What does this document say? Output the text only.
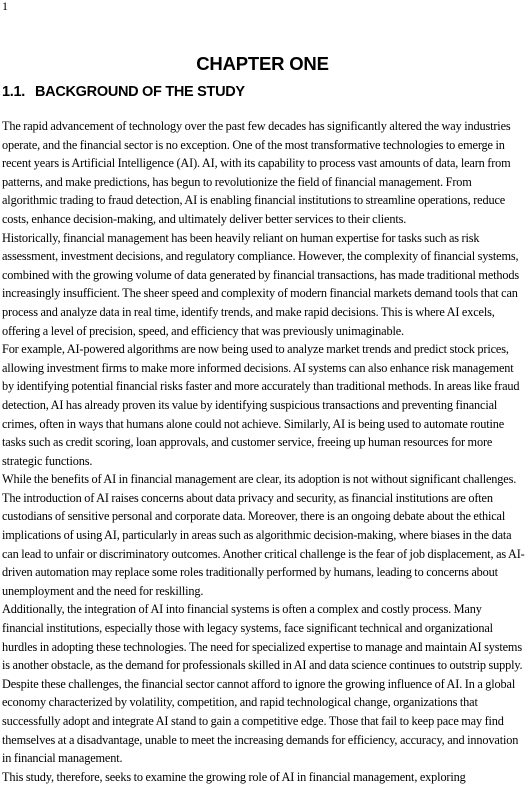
1

CHAPTER ONE
1.1. BACKGROUND OF THE STUDY

The rapid advancement of technology over the past few decades has significantly altered the way industries operate, and the financial sector is no exception. One of the most transformative technologies to emerge in recent years is Artificial Intelligence (AI). AI, with its capability to process vast amounts of data, learn from patterns, and make predictions, has begun to revolutionize the field of financial management. From algorithmic trading to fraud detection, AI is enabling financial institutions to streamline operations, reduce costs, enhance decision-making, and ultimately deliver better services to their clients.

Historically, financial management has been heavily reliant on human expertise for tasks such as risk assessment, investment decisions, and regulatory compliance. However, the complexity of financial systems, combined with the growing volume of data generated by financial transactions, has made traditional methods increasingly insufficient. The sheer speed and complexity of modern financial markets demand tools that can process and analyze data in real time, identify trends, and make rapid decisions. This is where AI excels, offering a level of precision, speed, and efficiency that was previously unimaginable.

For example, AI-powered algorithms are now being used to analyze market trends and predict stock prices, allowing investment firms to make more informed decisions. AI systems can also enhance risk management by identifying potential financial risks faster and more accurately than traditional methods. In areas like fraud detection, AI has already proven its value by identifying suspicious transactions and preventing financial crimes, often in ways that humans alone could not achieve. Similarly, AI is being used to automate routine tasks such as credit scoring, loan approvals, and customer service, freeing up human resources for more strategic functions.

While the benefits of AI in financial management are clear, its adoption is not without significant challenges. The introduction of AI raises concerns about data privacy and security, as financial institutions are often custodians of sensitive personal and corporate data. Moreover, there is an ongoing debate about the ethical implications of using AI, particularly in areas such as algorithmic decision-making, where biases in the data can lead to unfair or discriminatory outcomes. Another critical challenge is the fear of job displacement, as AI-driven automation may replace some roles traditionally performed by humans, leading to concerns about unemployment and the need for reskilling.

Additionally, the integration of AI into financial systems is often a complex and costly process. Many financial institutions, especially those with legacy systems, face significant technical and organizational hurdles in adopting these technologies. The need for specialized expertise to manage and maintain AI systems is another obstacle, as the demand for professionals skilled in AI and data science continues to outstrip supply.

Despite these challenges, the financial sector cannot afford to ignore the growing influence of AI. In a global economy characterized by volatility, competition, and rapid technological change, organizations that successfully adopt and integrate AI stand to gain a competitive edge. Those that fail to keep pace may find themselves at a disadvantage, unable to meet the increasing demands for efficiency, accuracy, and innovation in financial management.

This study, therefore, seeks to examine the growing role of AI in financial management, exploring
